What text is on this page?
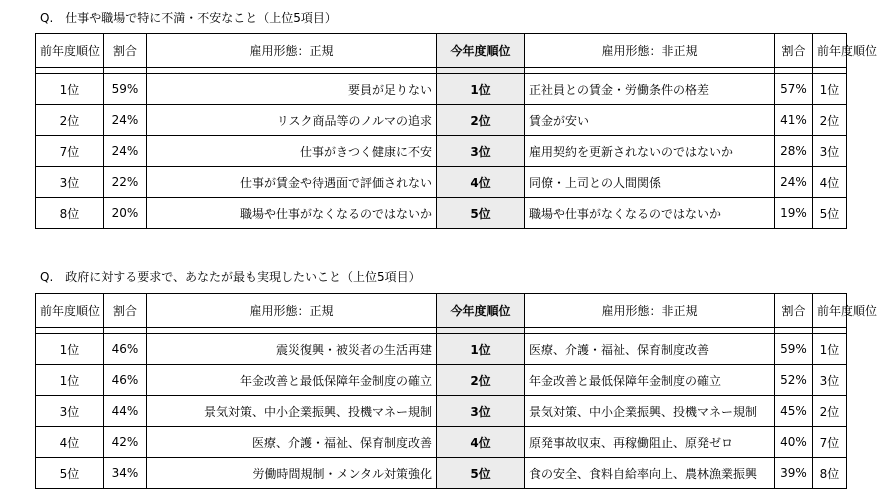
Q.　仕事や職場で特に不満・不安なこと（上位5項目）
前年度順位	割合	雇用形態：正規	今年度順位	雇用形態：非正規	割合	前年度順位

1位	59%	要員が足りない	1位	正社員との賃金・労働条件の格差	57%	1位
2位	24%	リスク商品等のノルマの追求	2位	賃金が安い	41%	2位
7位	24%	仕事がきつく健康に不安	3位	雇用契約を更新されないのではないか	28%	3位
3位	22%	仕事が賃金や待遇面で評価されない	4位	同僚・上司との人間関係	24%	4位
8位	20%	職場や仕事がなくなるのではないか	5位	職場や仕事がなくなるのではないか	19%	5位
Q.　政府に対する要求で、あなたが最も実現したいこと（上位5項目）
前年度順位	割合	雇用形態：正規	今年度順位	雇用形態：非正規	割合	前年度順位

1位	46%	震災復興・被災者の生活再建	1位	医療、介護・福祉、保育制度改善	59%	1位
1位	46%	年金改善と最低保障年金制度の確立	2位	年金改善と最低保障年金制度の確立	52%	3位
3位	44%	景気対策、中小企業振興、投機マネー規制	3位	景気対策、中小企業振興、投機マネー規制	45%	2位
4位	42%	医療、介護・福祉、保育制度改善	4位	原発事故収束、再稼働阻止、原発ゼロ	40%	7位
5位	34%	労働時間規制・メンタル対策強化	5位	食の安全、食料自給率向上、農林漁業振興	39%	8位
